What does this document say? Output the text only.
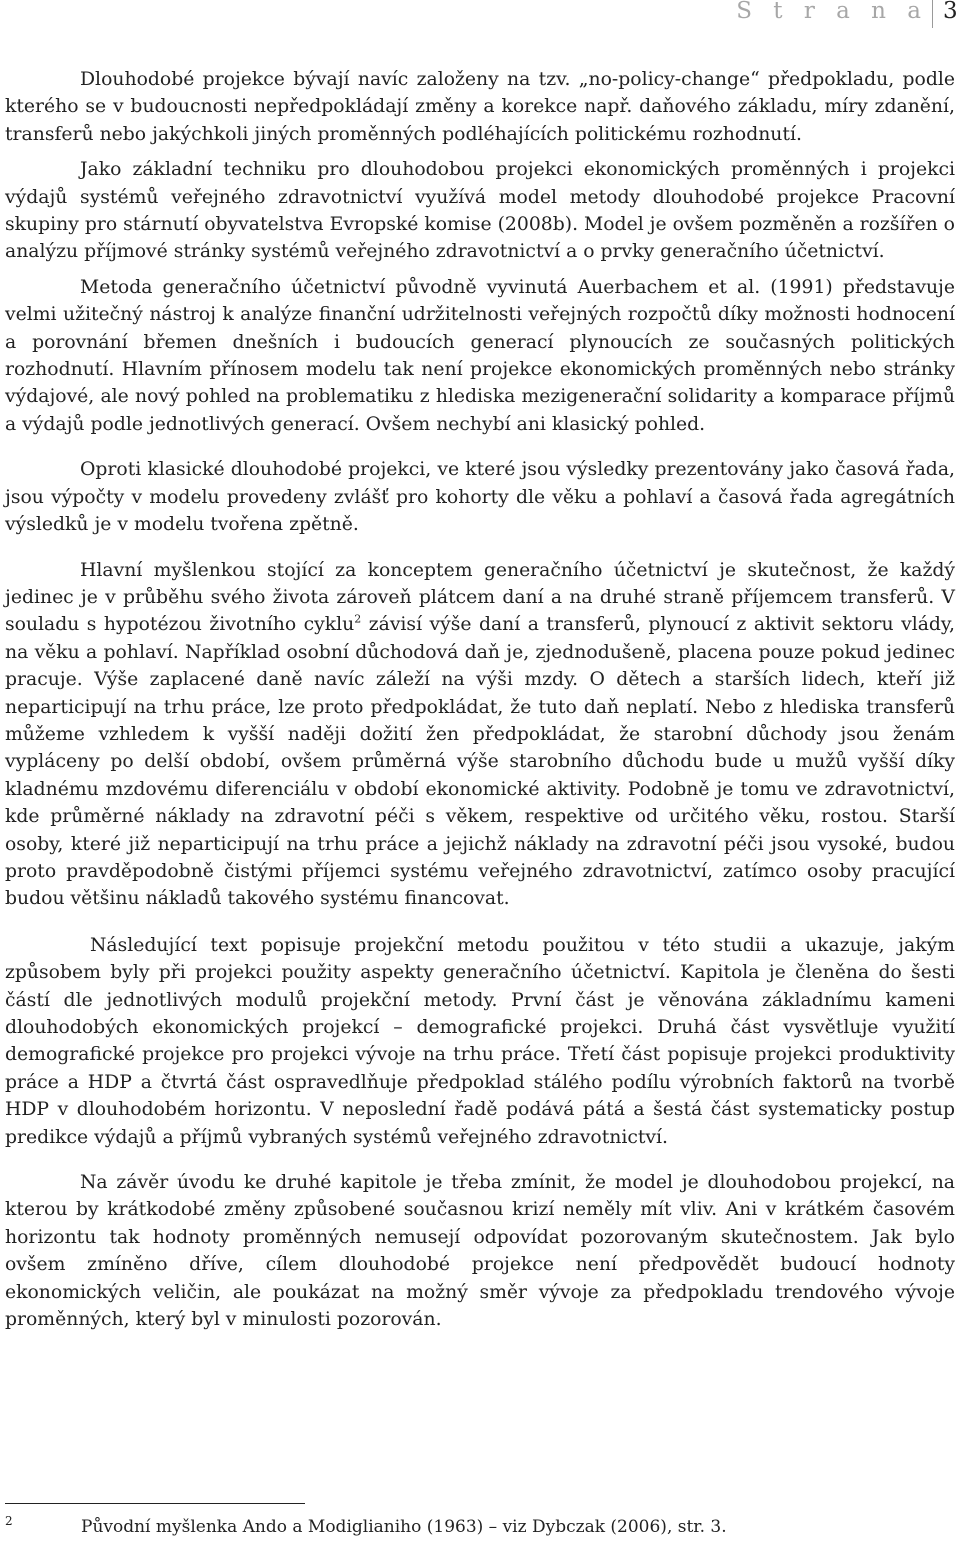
S t r a n a 3

Dlouhodobé projekce bývají navíc založeny na tzv. „no-policy-change“ předpokladu, podle kterého se v budoucnosti nepředpokládají změny a korekce např. daňového základu, míry zdanění, transferů nebo jakýchkoli jiných proměnných podléhajících politickému rozhodnutí.

Jako základní techniku pro dlouhodobou projekci ekonomických proměnných i projekci výdajů systémů veřejného zdravotnictví využívá model metody dlouhodobé projekce Pracovní skupiny pro stárnutí obyvatelstva Evropské komise (2008b). Model je ovšem pozměněn a rozšířen o analýzu příjmové stránky systémů veřejného zdravotnictví a o prvky generačního účetnictví.

Metoda generačního účetnictví původně vyvinutá Auerbachem et al. (1991) představuje velmi užitečný nástroj k analýze finanční udržitelnosti veřejných rozpočtů díky možnosti hodnocení a porovnání břemen dnešních i budoucích generací plynoucích ze současných politických rozhodnutí. Hlavním přínosem modelu tak není projekce ekonomických proměnných nebo stránky výdajové, ale nový pohled na problematiku z hlediska mezigenerační solidarity a komparace příjmů a výdajů podle jednotlivých generací. Ovšem nechybí ani klasický pohled.

Oproti klasické dlouhodobé projekci, ve které jsou výsledky prezentovány jako časová řada, jsou výpočty v modelu provedeny zvlášť pro kohorty dle věku a pohlaví a časová řada agregátních výsledků je v modelu tvořena zpětně.

Hlavní myšlenkou stojící za konceptem generačního účetnictví je skutečnost, že každý jedinec je v průběhu svého života zároveň plátcem daní a na druhé straně příjemcem transferů. V souladu s hypotézou životního cyklu$^2$ závisí výše daní a transferů, plynoucí z aktivit sektoru vlády, na věku a pohlaví. Například osobní důchodová daň je, zjednodušeně, placena pouze pokud jedinec pracuje. Výše zaplacené daně navíc záleží na výši mzdy. O dětech a starších lidech, kteří již neparticipují na trhu práce, lze proto předpokládat, že tuto daň neplatí. Nebo z hlediska transferů můžeme vzhledem k vyšší naději dožití žen předpokládat, že starobní důchody jsou ženám vypláceny po delší období, ovšem průměrná výše starobního důchodu bude u mužů vyšší díky kladnému mzdovému diferenciálu v období ekonomické aktivity. Podobně je tomu ve zdravotnictví, kde průměrné náklady na zdravotní péči s věkem, respektive od určitého věku, rostou. Starší osoby, které již neparticipují na trhu práce a jejichž náklady na zdravotní péči jsou vysoké, budou proto pravděpodobně čistými příjemci systému veřejného zdravotnictví, zatímco osoby pracující budou většinu nákladů takového systému financovat.

Následující text popisuje projekční metodu použitou v této studii a ukazuje, jakým způsobem byly při projekci použity aspekty generačního účetnictví. Kapitola je členěna do šesti částí dle jednotlivých modulů projekční metody. První část je věnována základnímu kameni dlouhodobých ekonomických projekcí – demografické projekci. Druhá část vysvětluje využití demografické projekce pro projekci vývoje na trhu práce. Třetí část popisuje projekci produktivity práce a HDP a čtvrtá část ospravedlňuje předpoklad stálého podílu výrobních faktorů na tvorbě HDP v dlouhodobém horizontu. V neposlední řadě podává pátá a šestá část systematicky postup predikce výdajů a příjmů vybraných systémů veřejného zdravotnictví.

Na závěr úvodu ke druhé kapitole je třeba zmínit, že model je dlouhodobou projekcí, na kterou by krátkodobé změny způsobené současnou krizí neměly mít vliv. Ani v krátkém časovém horizontu tak hodnoty proměnných nemusejí odpovídat pozorovaným skutečnostem. Jak bylo ovšem zmíněno dříve, cílem dlouhodobé projekce není předpovědět budoucí hodnoty ekonomických veličin, ale poukázat na možný směr vývoje za předpokladu trendového vývoje proměnných, který byl v minulosti pozorován.

2	Původní myšlenka Ando a Modiglianiho (1963) – viz Dybczak (2006), str. 3.
